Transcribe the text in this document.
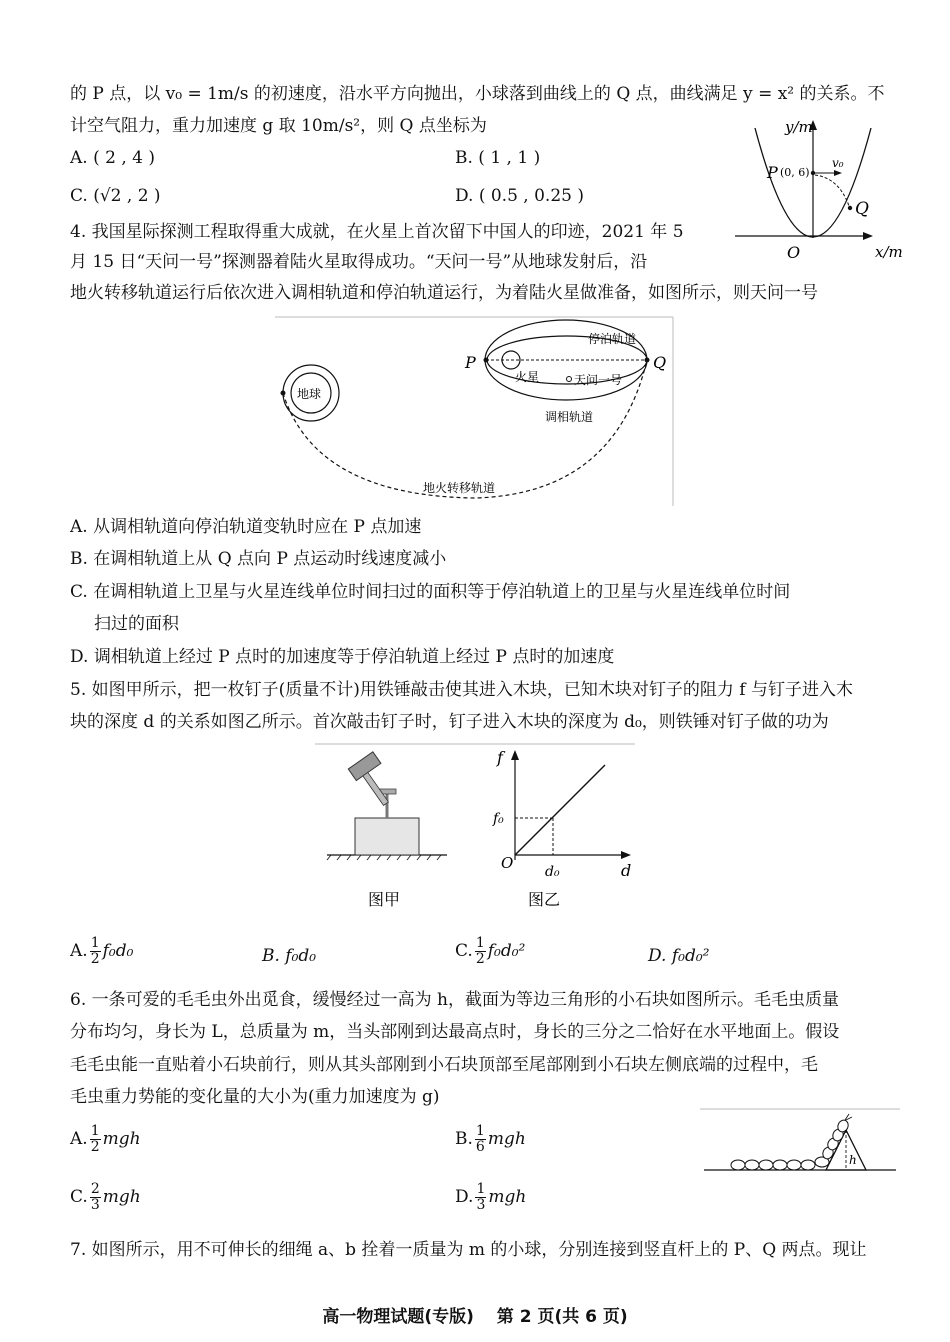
的 P 点，以 v₀ = 1m/s 的初速度，沿水平方向抛出，小球落到曲线上的 Q 点，曲线满足 y = x² 的关系。不
计空气阻力，重力加速度 g 取 10m/s²，则 Q 点坐标为
A. ( 2 , 4 )	B. ( 1 , 1 )
C. (√2 , 2 )	D. ( 0.5 , 0.25 )
y/m
x/m
P (0, 6)
v₀
Q
O
4. 我国星际探测工程取得重大成就，在火星上首次留下中国人的印迹，2021 年 5
月 15 日“天问一号”探测器着陆火星取得成功。“天问一号”从地球发射后，沿
地火转移轨道运行后依次进入调相轨道和停泊轨道运行，为着陆火星做准备，如图所示，则天问一号
地球
地火转移轨道
P	Q
火星	天问一号
停泊轨道
调相轨道
A. 从调相轨道向停泊轨道变轨时应在 P 点加速
B. 在调相轨道上从 Q 点向 P 点运动时线速度减小
C. 在调相轨道上卫星与火星连线单位时间扫过的面积等于停泊轨道上的卫星与火星连线单位时间
扫过的面积
D. 调相轨道上经过 P 点时的加速度等于停泊轨道上经过 P 点时的加速度
5. 如图甲所示，把一枚钉子(质量不计)用铁锤敲击使其进入木块，已知木块对钉子的阻力 f 与钉子进入木
块的深度 d 的关系如图乙所示。首次敲击钉子时，钉子进入木块的深度为 d₀，则铁锤对钉子做的功为
图甲
f
d
f₀
d₀
O
图乙
A. $\frac{1}{2} f_0d_0$	B. f₀d₀	C. $\frac{1}{2} f_0d_0^2$	D. f₀d₀²
6. 一条可爱的毛毛虫外出觅食，缓慢经过一高为 h，截面为等边三角形的小石块如图所示。毛毛虫质量
分布均匀，身长为 L，总质量为 m，当头部刚到达最高点时，身长的三分之二恰好在水平地面上。假设
毛毛虫能一直贴着小石块前行，则从其头部刚到小石块顶部至尾部刚到小石块左侧底端的过程中，毛
毛虫重力势能的变化量的大小为(重力加速度为 g)
A. $\frac{1}{2}$ mgh	B. $\frac{1}{6}$ mgh
C. $\frac{2}{3}$ mgh	D. $\frac{1}{3}$ mgh
h
7. 如图所示，用不可伸长的细绳 a、b 拴着一质量为 m 的小球，分别连接到竖直杆上的 P、Q 两点。现让
高一物理试题(专版)　 第 2 页(共 6 页)
